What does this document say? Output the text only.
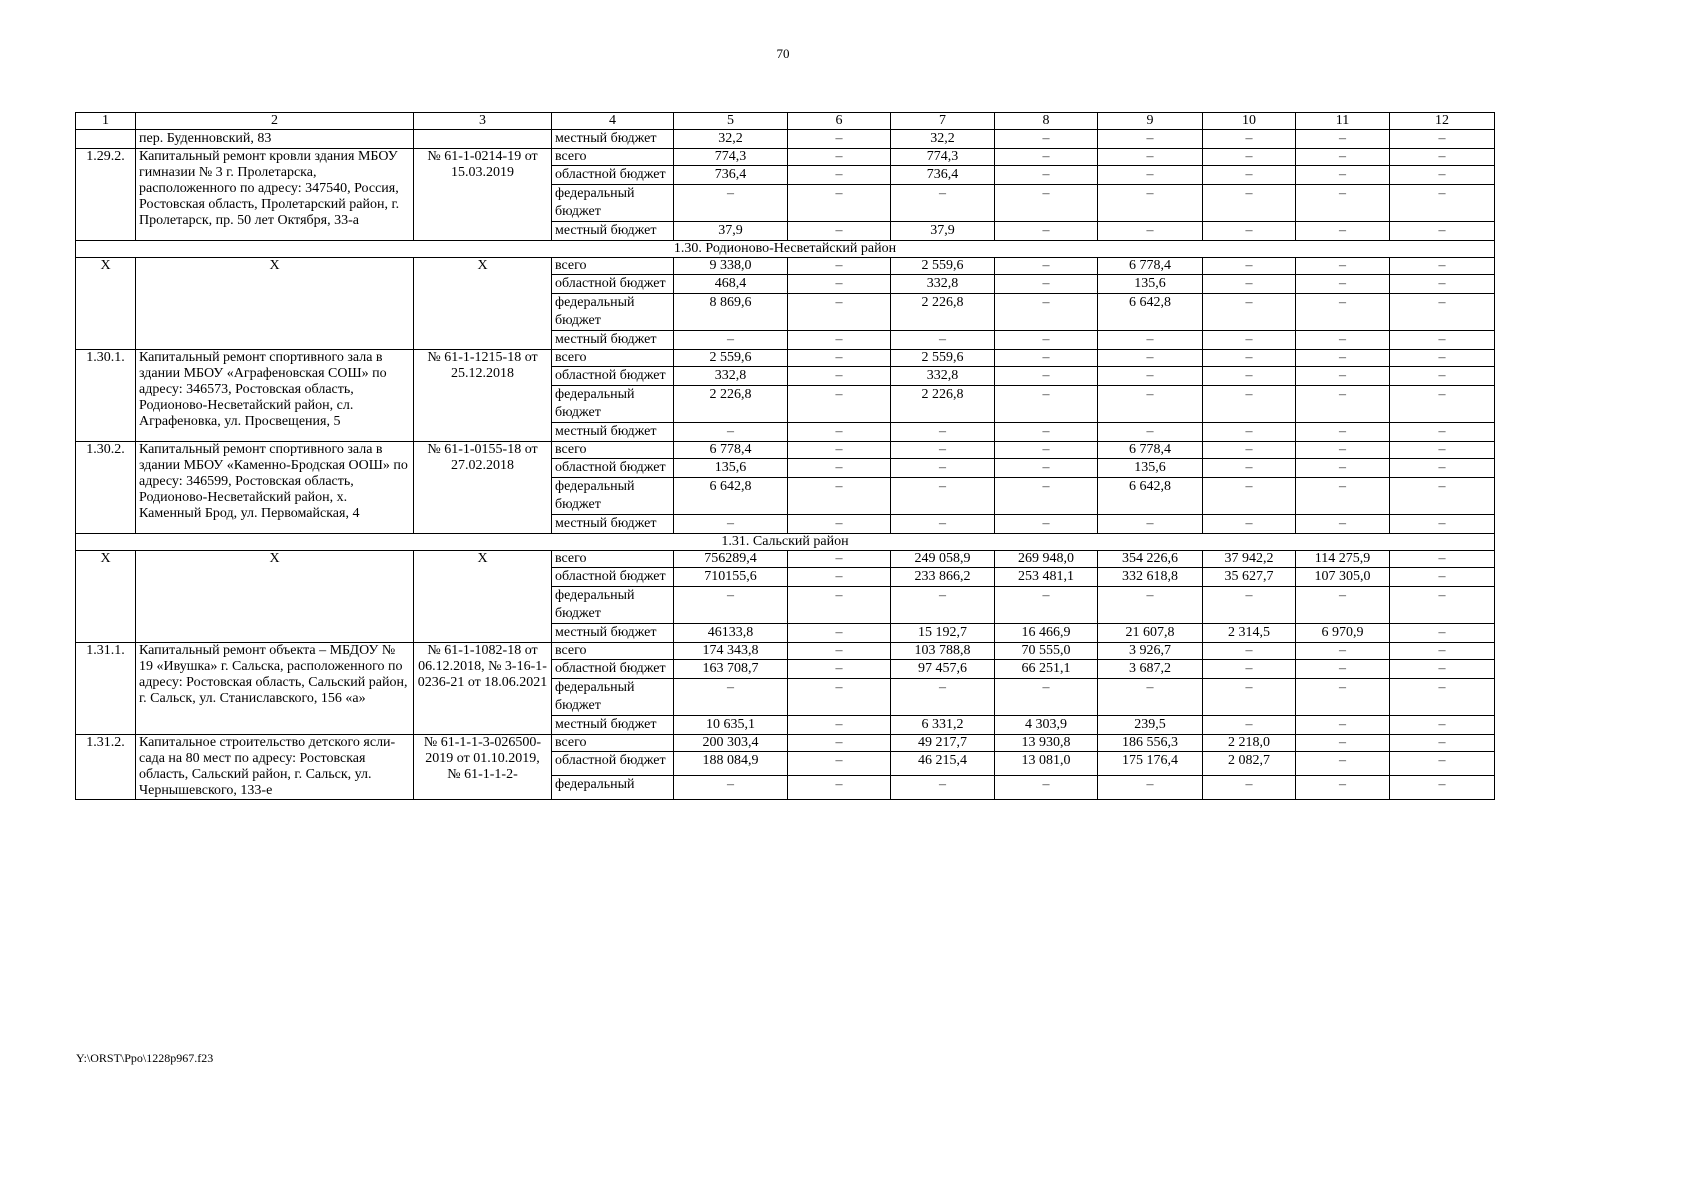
70
1	2	3	4	5	6	7	8	9	10	11	12
	пер. Буденновский, 83		местный бюджет	32,2	–	32,2	–	–	–	–	–
1.29.2.	Капитальный ремонт кровли здания МБОУ гимназии № 3 г. Пролетарска, расположенного по адресу: 347540, Россия, Ростовская область, Пролетарский район, г. Пролетарск, пр. 50 лет Октября, 33-а	№ 61-1-0214-19 от 15.03.2019	всего	774,3	–	774,3	–	–	–	–	–
			областной бюджет	736,4	–	736,4	–	–	–	–	–
			федеральный бюджет	–	–	–	–	–	–	–	–
			местный бюджет	37,9	–	37,9	–	–	–	–	–
1.30. Родионово-Несветайский район											
Х	Х	Х	всего	9 338,0	–	2 559,6	–	6 778,4	–	–	–
			областной бюджет	468,4	–	332,8	–	135,6	–	–	–
			федеральный бюджет	8 869,6	–	2 226,8	–	6 642,8	–	–	–
			местный бюджет	–	–	–	–	–	–	–	–
1.30.1.	Капитальный ремонт спортивного зала в здании МБОУ «Аграфеновская СОШ» по адресу: 346573, Ростовская область, Родионово-Несветайский район, сл. Аграфеновка, ул. Просвещения, 5	№ 61-1-1215-18 от 25.12.2018	всего	2 559,6	–	2 559,6	–	–	–	–	–
			областной бюджет	332,8	–	332,8	–	–	–	–	–
			федеральный бюджет	2 226,8	–	2 226,8	–	–	–	–	–
			местный бюджет	–	–	–	–	–	–	–	–
1.30.2.	Капитальный ремонт спортивного зала в здании МБОУ «Каменно-Бродская ООШ» по адресу: 346599, Ростовская область, Родионово-Несветайский район, х. Каменный Брод, ул. Первомайская, 4	№ 61-1-0155-18 от 27.02.2018	всего	6 778,4	–	–	–	6 778,4	–	–	–
			областной бюджет	135,6	–	–	–	135,6	–	–	–
			федеральный бюджет	6 642,8	–	–	–	6 642,8	–	–	–
			местный бюджет	–	–	–	–	–	–	–	–
1.31. Сальский район											
Х	Х	Х	всего	756289,4	–	249 058,9	269 948,0	354 226,6	37 942,2	114 275,9	–
			областной бюджет	710155,6	–	233 866,2	253 481,1	332 618,8	35 627,7	107 305,0	–
			федеральный бюджет	–	–	–	–	–	–	–	–
			местный бюджет	46133,8	–	15 192,7	16 466,9	21 607,8	2 314,5	6 970,9	–
1.31.1.	Капитальный ремонт объекта – МБДОУ № 19 «Ивушка» г. Сальска, расположенного по адресу: Ростовская область, Сальский район, г. Сальск, ул. Станиславского, 156 «а»	№ 61-1-1082-18 от 06.12.2018, № 3-16-1-0236-21 от 18.06.2021	всего	174 343,8	–	103 788,8	70 555,0	3 926,7	–	–	–
			областной бюджет	163 708,7	–	97 457,6	66 251,1	3 687,2	–	–	–
			федеральный бюджет	–	–	–	–	–	–	–	–
			местный бюджет	10 635,1	–	6 331,2	4 303,9	239,5	–	–	–
1.31.2.	Капитальное строительство детского ясли-сада на 80 мест по адресу: Ростовская область, Сальский район, г. Сальск, ул. Чернышевского, 133-е	№ 61-1-1-3-026500-2019 от 01.10.2019, № 61-1-1-2-	всего	200 303,4	–	49 217,7	13 930,8	186 556,3	2 218,0	–	–
			областной бюджет	188 084,9	–	46 215,4	13 081,0	175 176,4	2 082,7	–	–
			федеральный	–	–	–	–	–	–	–	–
Y:\ORST\Ppo\1228p967.f23
